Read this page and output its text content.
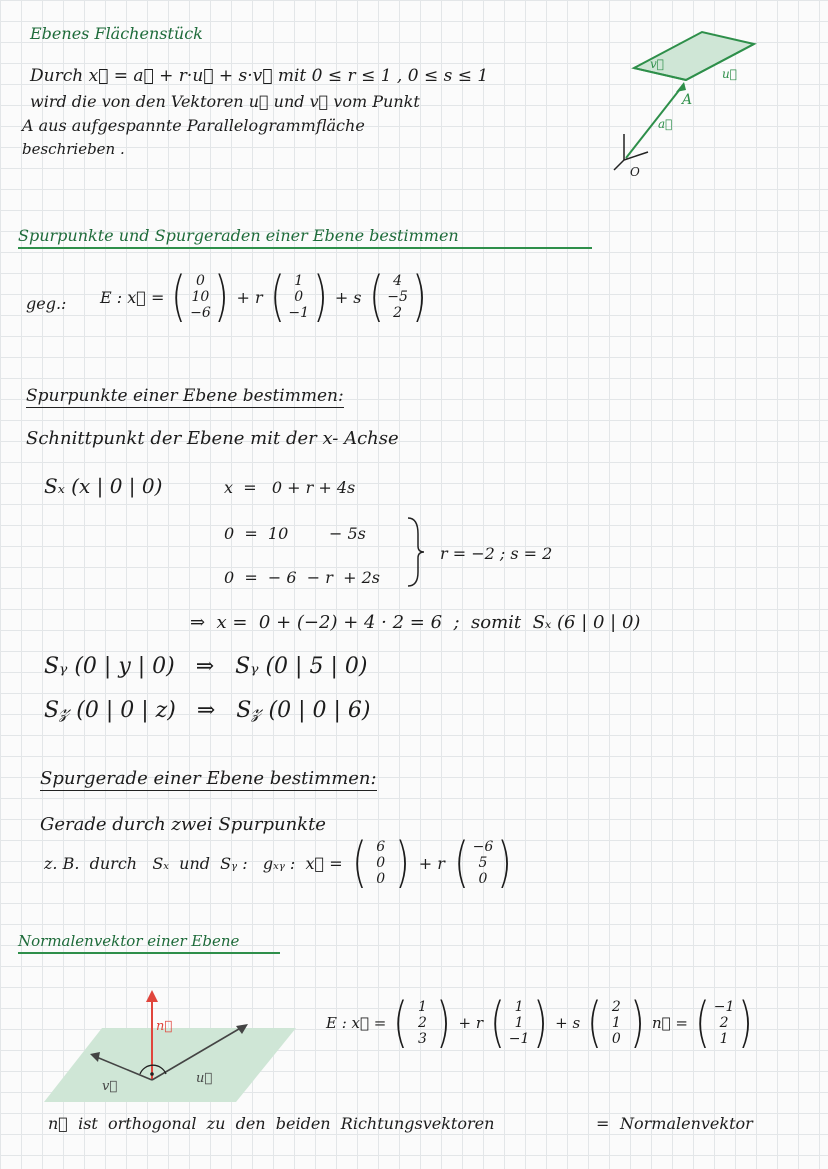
Ebenes Flächenstück
Durch x⃗ = a⃗ + r·u⃗ + s·v⃗ mit 0 ≤ r ≤ 1 , 0 ≤ s ≤ 1
wird die von den Vektoren u⃗ und v⃗ vom Punkt
A aus aufgespannte Parallelogrammfläche
beschrieben .
v⃗
u⃗
a⃗
A
O
Spurpunkte und Spurgeraden einer Ebene bestimmen
geg.: E : x⃗ = ( 0
10
−6 ) + r ( 1
0
−1 ) + s ( 4
−5
2 )
Spurpunkte einer Ebene bestimmen:
Schnittpunkt der Ebene mit der x- Achse
Sₓ (x | 0 | 0)	x  =   0 + r + 4s
0  =  10        − 5s
0  =  − 6  − r  + 2s
r = −2 ; s = 2
⇒  x =  0 + (−2) + 4 · 2 = 6  ;  somit  Sₓ (6 | 0 | 0)
Sᵧ (0 | y | 0)   ⇒   Sᵧ (0 | 5 | 0)
S𝓏 (0 | 0 | z)   ⇒   S𝓏 (0 | 0 | 6)
Spurgerade einer Ebene bestimmen:
Gerade durch zwei Spurpunkte
z. B.  durch   Sₓ  und  Sᵧ :   gₓᵧ :  x⃗ = ( 6
0
0 ) + r ( −6
5
0 )
Normalenvektor einer Ebene
n⃗
u⃗
v⃗
E : x⃗ = ( 1
2
3 ) + r ( 1
1
−1 ) + s ( 2
1
0 ) n⃗ = ( −1
2
1 )
n⃗  ist  orthogonal  zu  den  beiden  Richtungsvektoren	= Normalenvektor
